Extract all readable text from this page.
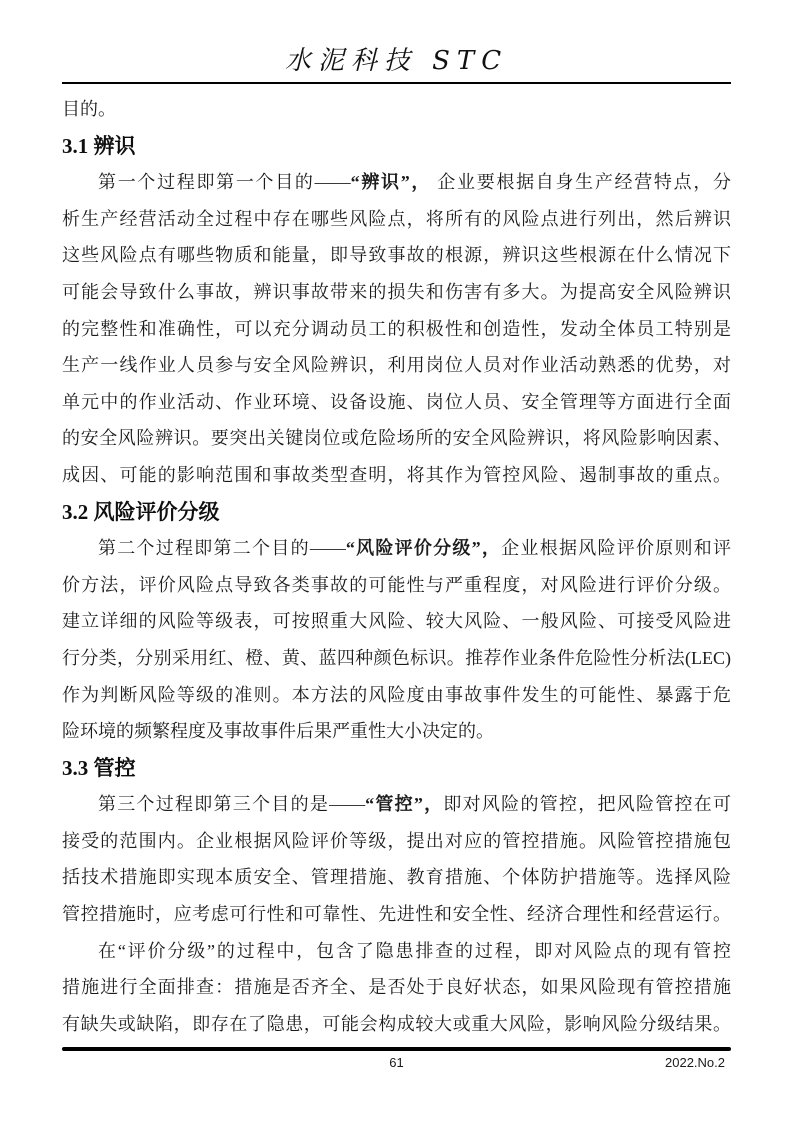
水泥科技 STC
目的。
3.1 辨识
第一个过程即第一个目的——“辨识”， 企业要根据自身生产经营特点，分
析生产经营活动全过程中存在哪些风险点，将所有的风险点进行列出，然后辨识
这些风险点有哪些物质和能量，即导致事故的根源，辨识这些根源在什么情况下
可能会导致什么事故，辨识事故带来的损失和伤害有多大。为提高安全风险辨识
的完整性和准确性，可以充分调动员工的积极性和创造性，发动全体员工特别是
生产一线作业人员参与安全风险辨识，利用岗位人员对作业活动熟悉的优势，对
单元中的作业活动、作业环境、设备设施、岗位人员、安全管理等方面进行全面
的安全风险辨识。要突出关键岗位或危险场所的安全风险辨识，将风险影响因素、
成因、可能的影响范围和事故类型查明，将其作为管控风险、遏制事故的重点。
3.2 风险评价分级
第二个过程即第二个目的——“风险评价分级”，企业根据风险评价原则和评
价方法，评价风险点导致各类事故的可能性与严重程度，对风险进行评价分级。
建立详细的风险等级表，可按照重大风险、较大风险、一般风险、可接受风险进
行分类，分别采用红、橙、黄、蓝四种颜色标识。推荐作业条件危险性分析法(LEC)
作为判断风险等级的准则。本方法的风险度由事故事件发生的可能性、暴露于危
险环境的频繁程度及事故事件后果严重性大小决定的。
3.3 管控
第三个过程即第三个目的是——“管控”，即对风险的管控，把风险管控在可
接受的范围内。企业根据风险评价等级，提出对应的管控措施。风险管控措施包
括技术措施即实现本质安全、管理措施、教育措施、个体防护措施等。选择风险
管控措施时，应考虑可行性和可靠性、先进性和安全性、经济合理性和经营运行。
在“评价分级”的过程中，包含了隐患排查的过程，即对风险点的现有管控
措施进行全面排查：措施是否齐全、是否处于良好状态，如果风险现有管控措施
有缺失或缺陷，即存在了隐患，可能会构成较大或重大风险，影响风险分级结果。
61	2022.No.2
